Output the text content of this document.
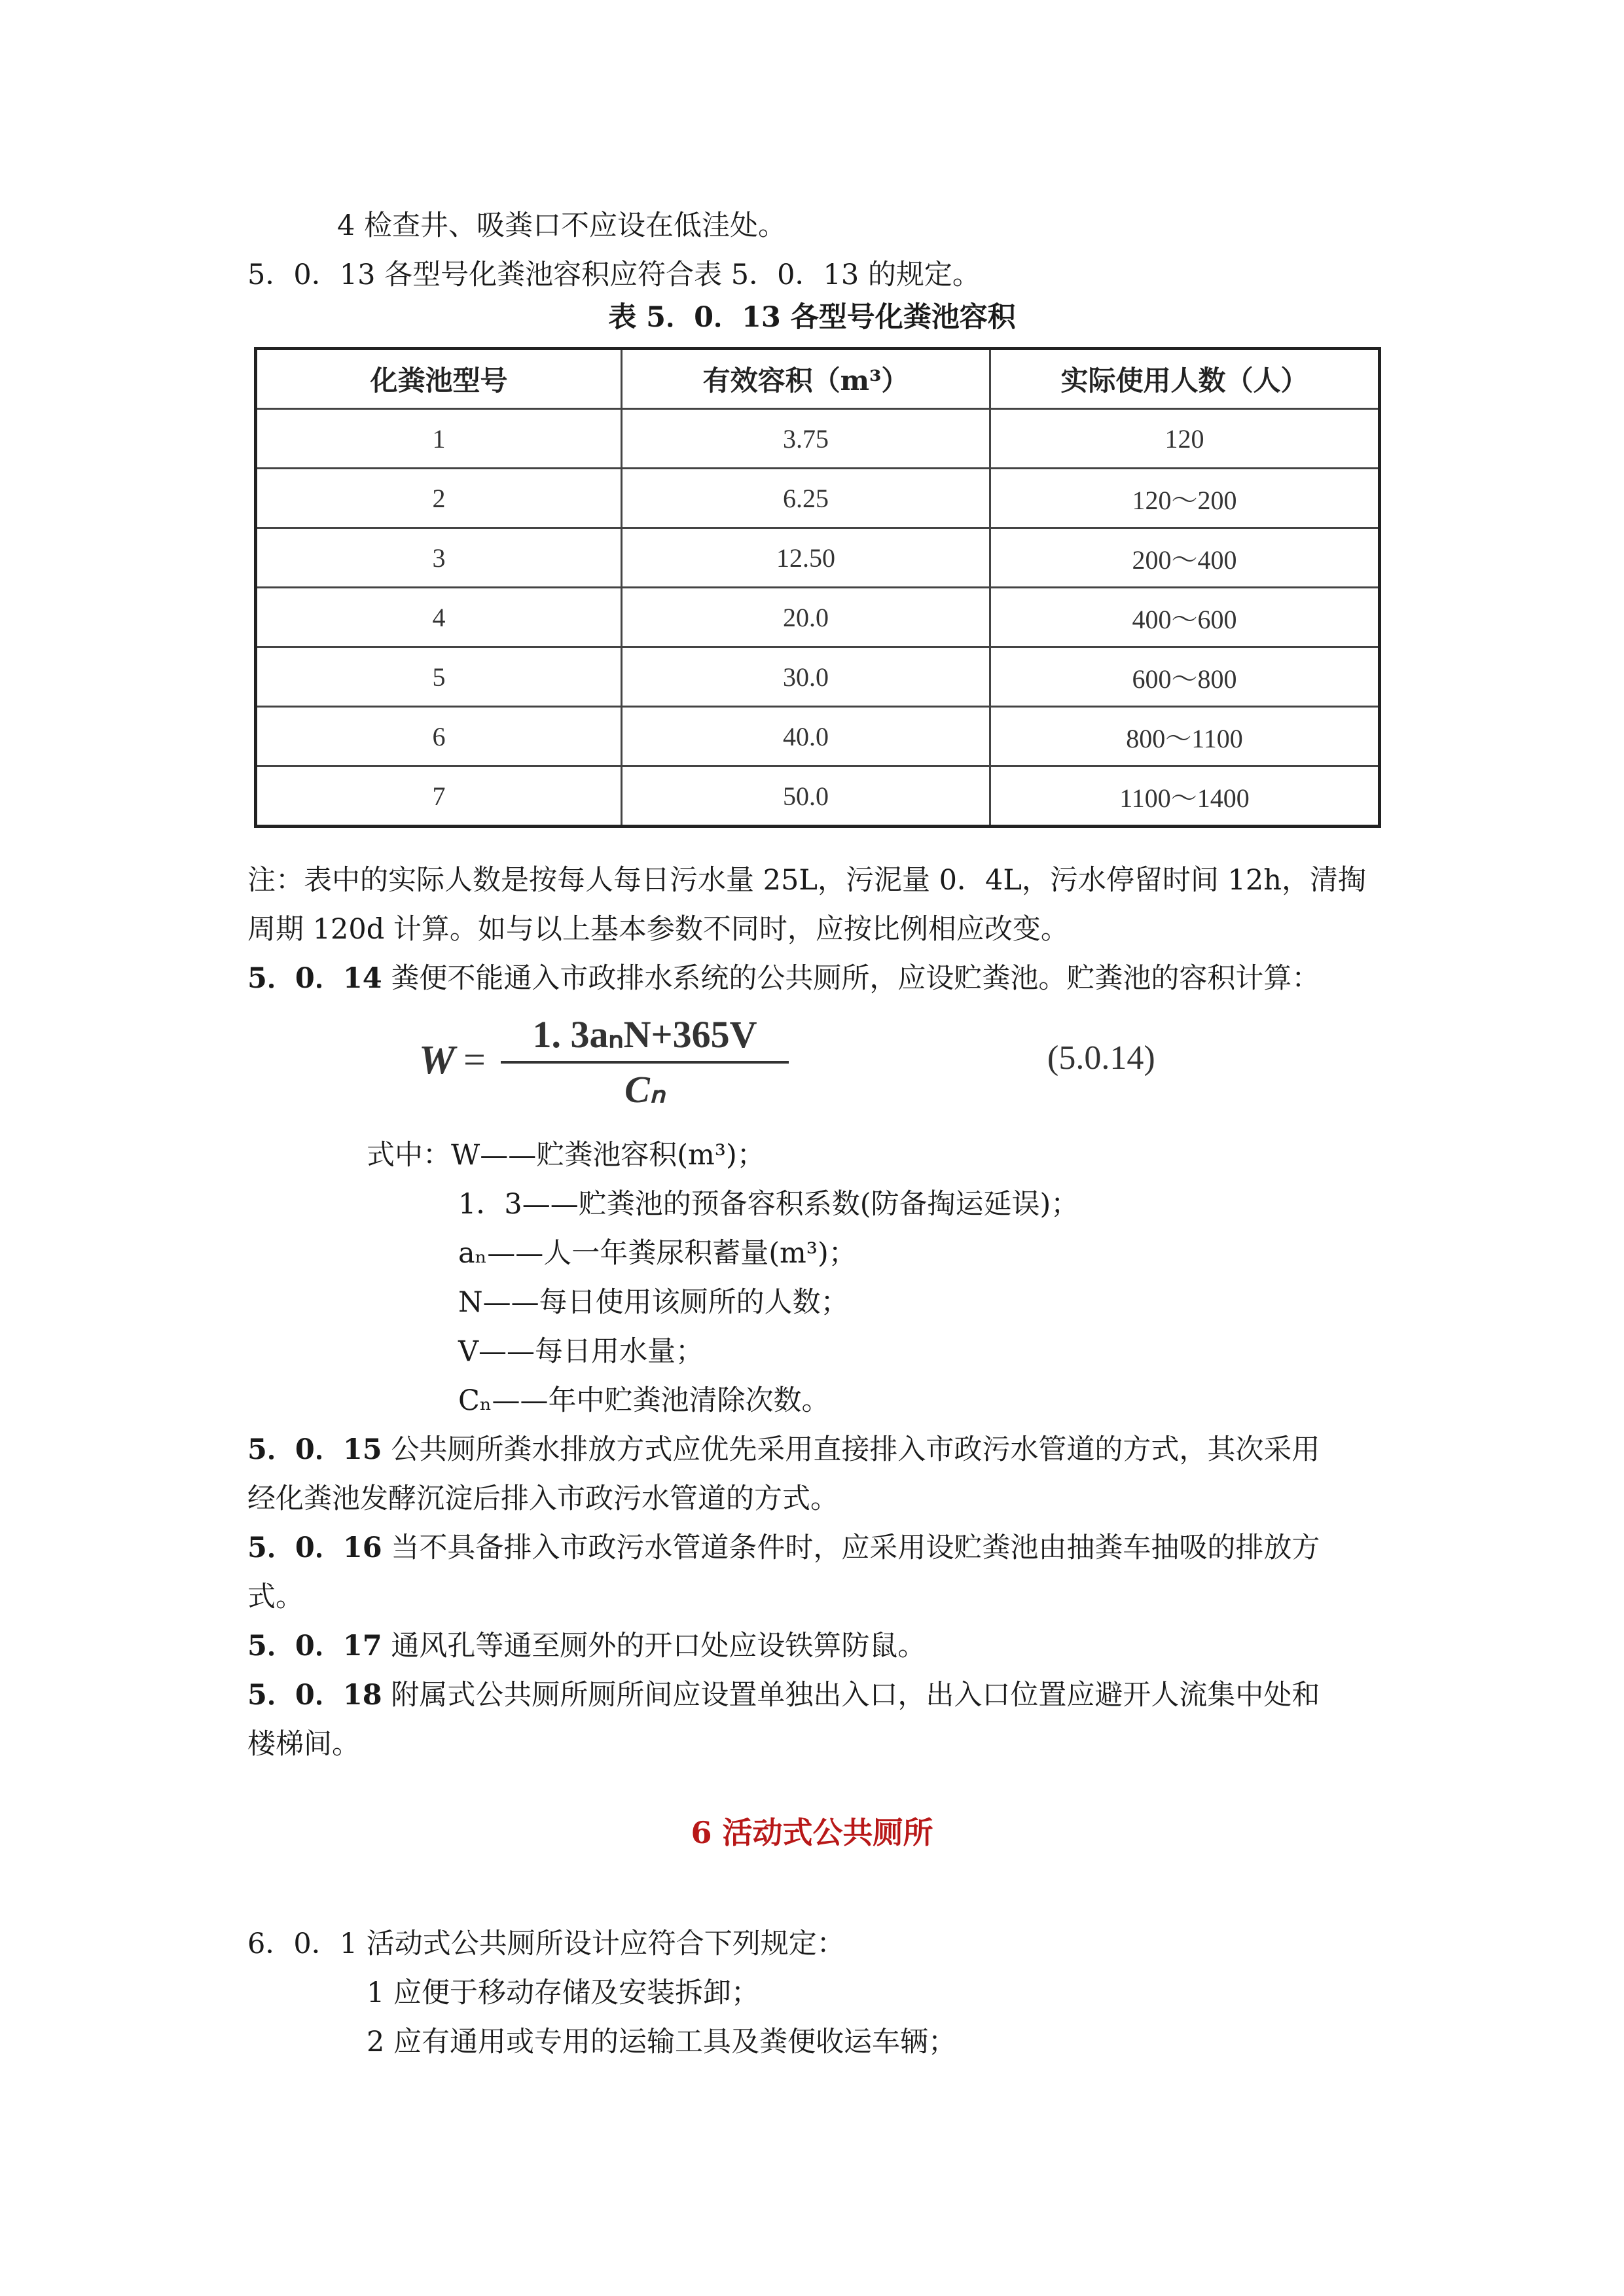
4 检查井、吸粪口不应设在低洼处。
5．0．13 各型号化粪池容积应符合表 5．0．13 的规定。
表 5．0．13 各型号化粪池容积
化粪池型号	有效容积（m³）	实际使用人数（人）
1	3.75	120
2	6.25	120～200
3	12.50	200～400
4	20.0	400～600
5	30.0	600～800
6	40.0	800～1100
7	50.0	1100～1400
注：表中的实际人数是按每人每日污水量 25L，污泥量 0．4L，污水停留时间 12h，清掏
周期 120d 计算。如与以上基本参数不同时，应按比例相应改变。
5．0．14 粪便不能通入市政排水系统的公共厕所，应设贮粪池。贮粪池的容积计算：
W =
1. 3aₙN+365V
Cₙ
(5.0.14)
式中：W——贮粪池容积(m³)；
1．3——贮粪池的预备容积系数(防备掏运延误)；
aₙ——人一年粪尿积蓄量(m³)；
N——每日使用该厕所的人数；
V——每日用水量；
Cₙ——年中贮粪池清除次数。
5．0．15 公共厕所粪水排放方式应优先采用直接排入市政污水管道的方式，其次采用
经化粪池发酵沉淀后排入市政污水管道的方式。
5．0．16 当不具备排入市政污水管道条件时，应采用设贮粪池由抽粪车抽吸的排放方
式。
5．0．17 通风孔等通至厕外的开口处应设铁箅防鼠。
5．0．18 附属式公共厕所厕所间应设置单独出入口，出入口位置应避开人流集中处和
楼梯间。
6 活动式公共厕所
6．0．1 活动式公共厕所设计应符合下列规定：
1 应便于移动存储及安装拆卸；
2 应有通用或专用的运输工具及粪便收运车辆；
